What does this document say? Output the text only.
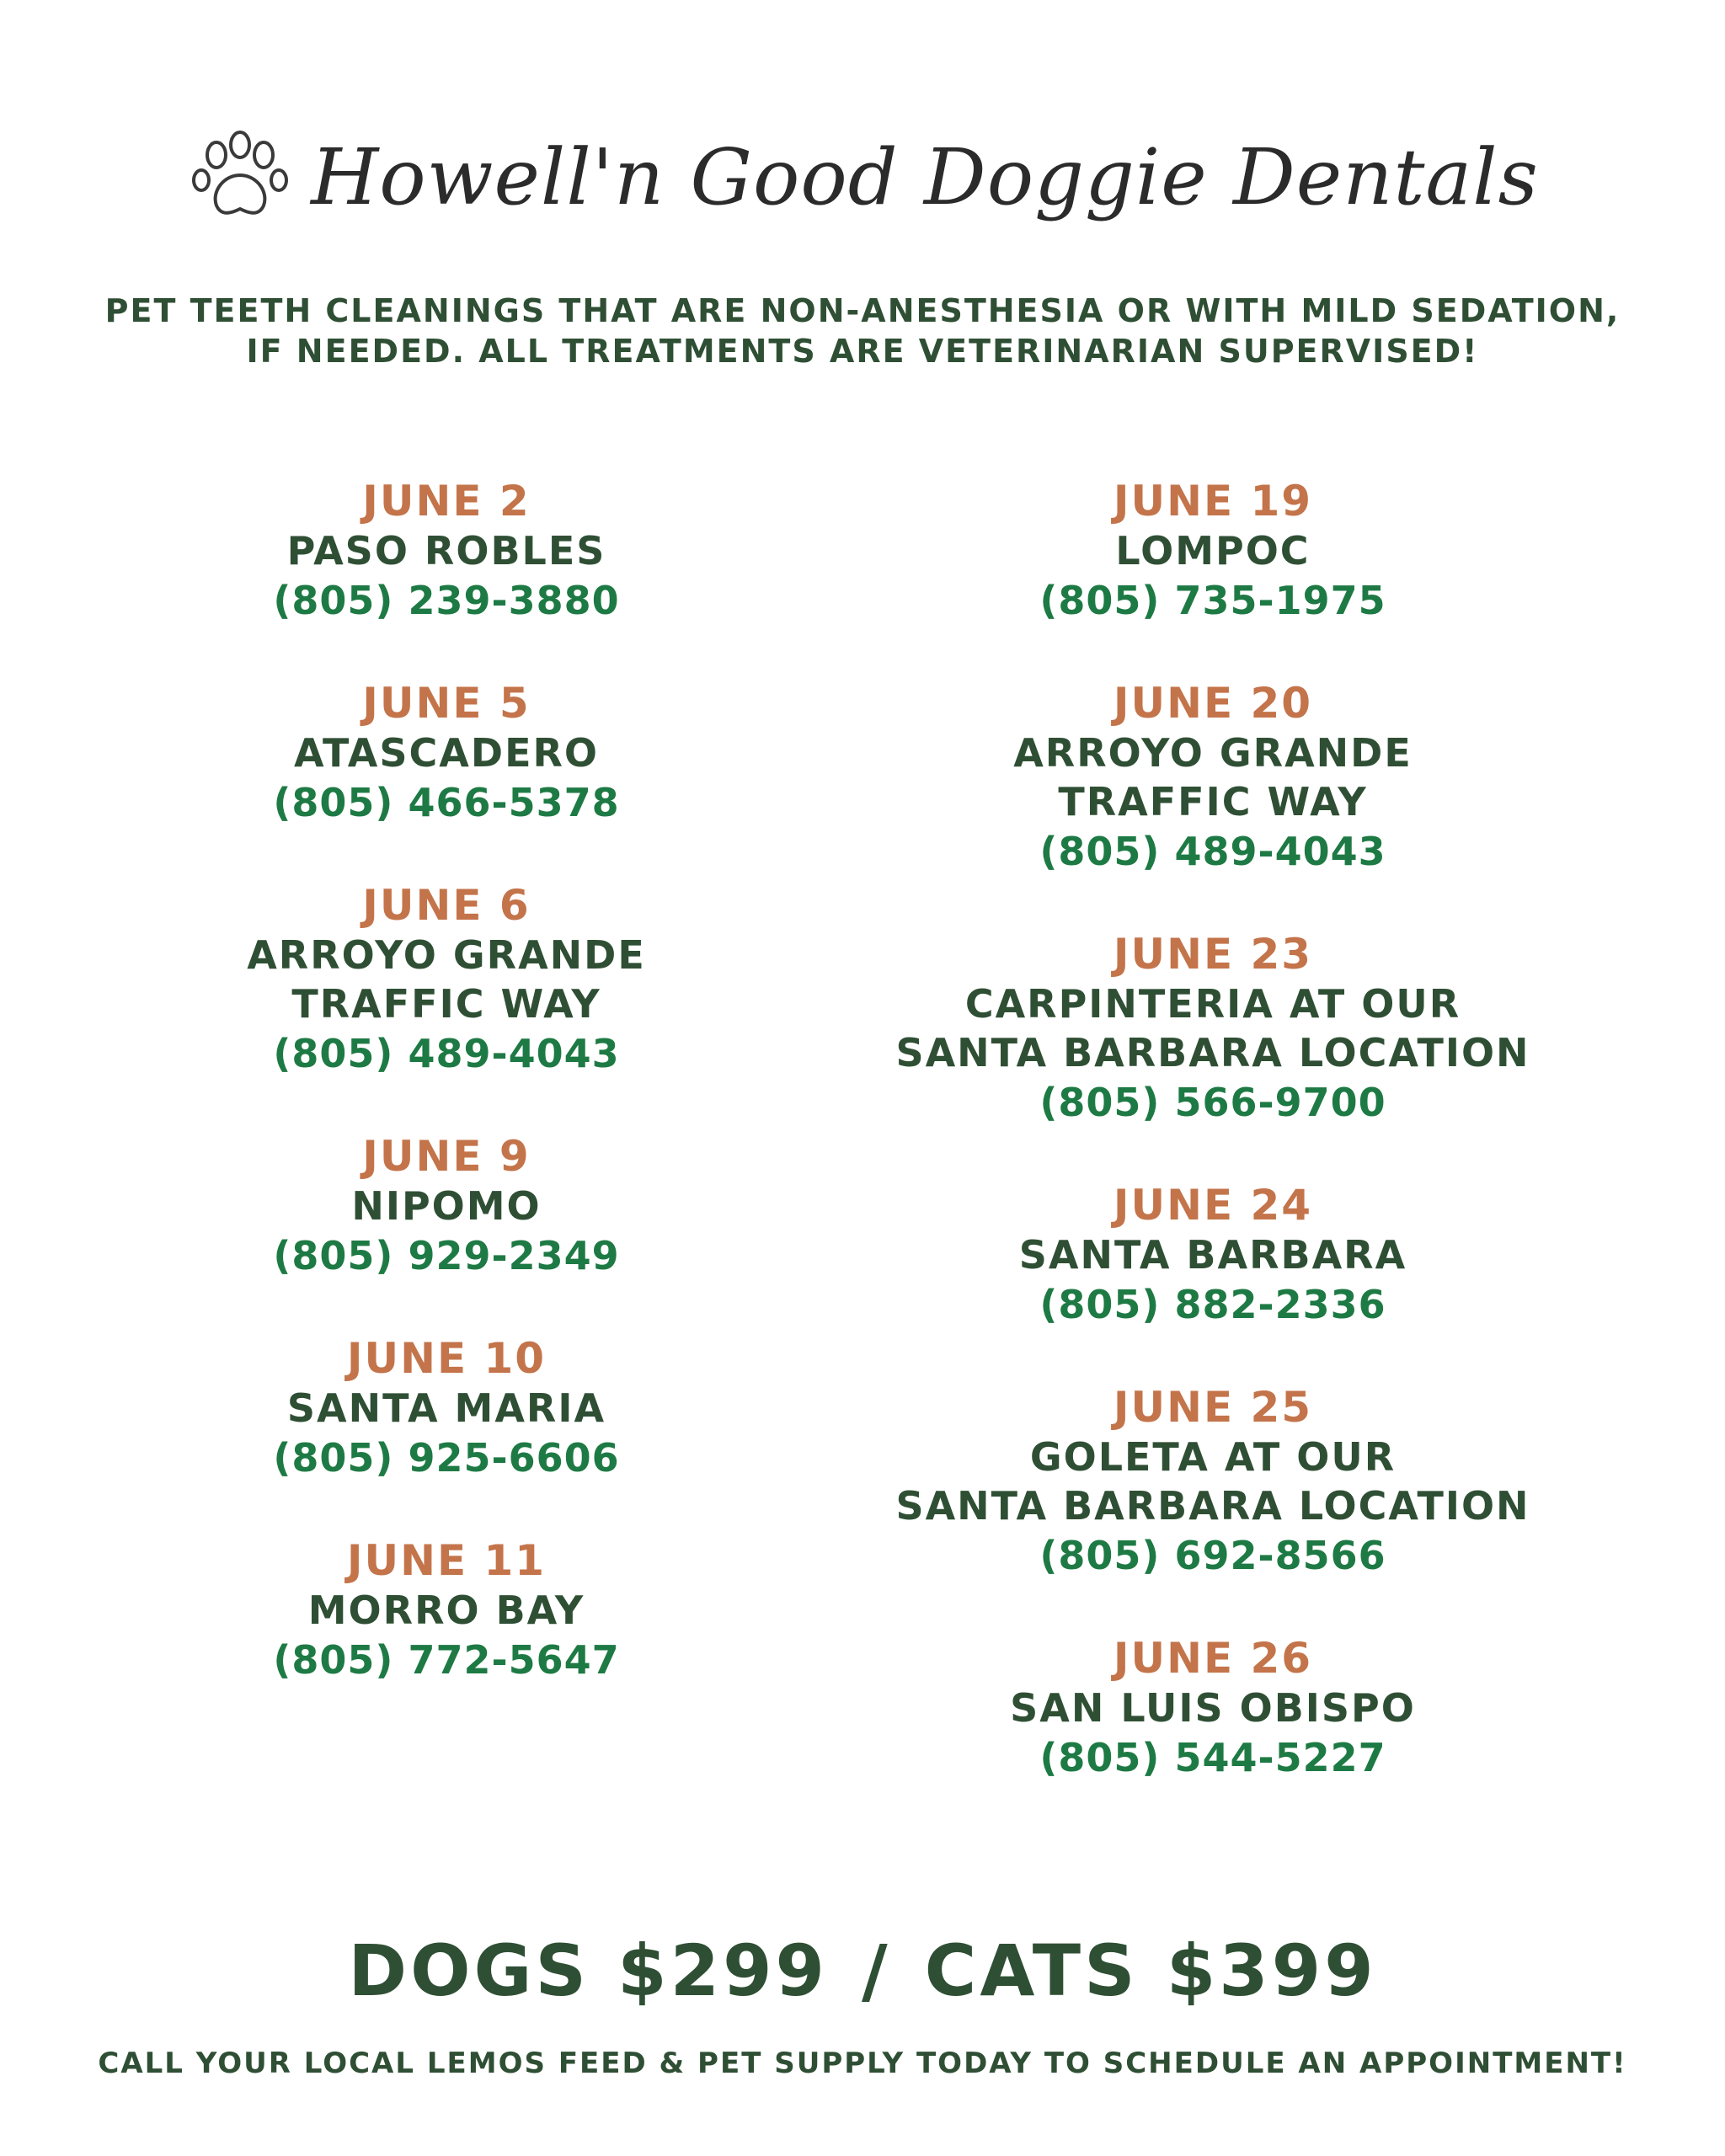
Howell'n Good Doggie Dentals
PET TEETH CLEANINGS THAT ARE NON-ANESTHESIA OR WITH MILD SEDATION,
IF NEEDED. ALL TREATMENTS ARE VETERINARIAN SUPERVISED!
JUNE 2
PASO ROBLES
(805) 239-3880
JUNE 5
ATASCADERO
(805) 466-5378
JUNE 6
ARROYO GRANDE
TRAFFIC WAY
(805) 489-4043
JUNE 9
NIPOMO
(805) 929-2349
JUNE 10
SANTA MARIA
(805) 925-6606
JUNE 11
MORRO BAY
(805) 772-5647
JUNE 19
LOMPOC
(805) 735-1975
JUNE 20
ARROYO GRANDE
TRAFFIC WAY
(805) 489-4043
JUNE 23
CARPINTERIA AT OUR
SANTA BARBARA LOCATION
(805) 566-9700
JUNE 24
SANTA BARBARA
(805) 882-2336
JUNE 25
GOLETA AT OUR
SANTA BARBARA LOCATION
(805) 692-8566
JUNE 26
SAN LUIS OBISPO
(805) 544-5227
DOGS $299 / CATS $399
CALL YOUR LOCAL LEMOS FEED & PET SUPPLY TODAY TO SCHEDULE AN APPOINTMENT!
